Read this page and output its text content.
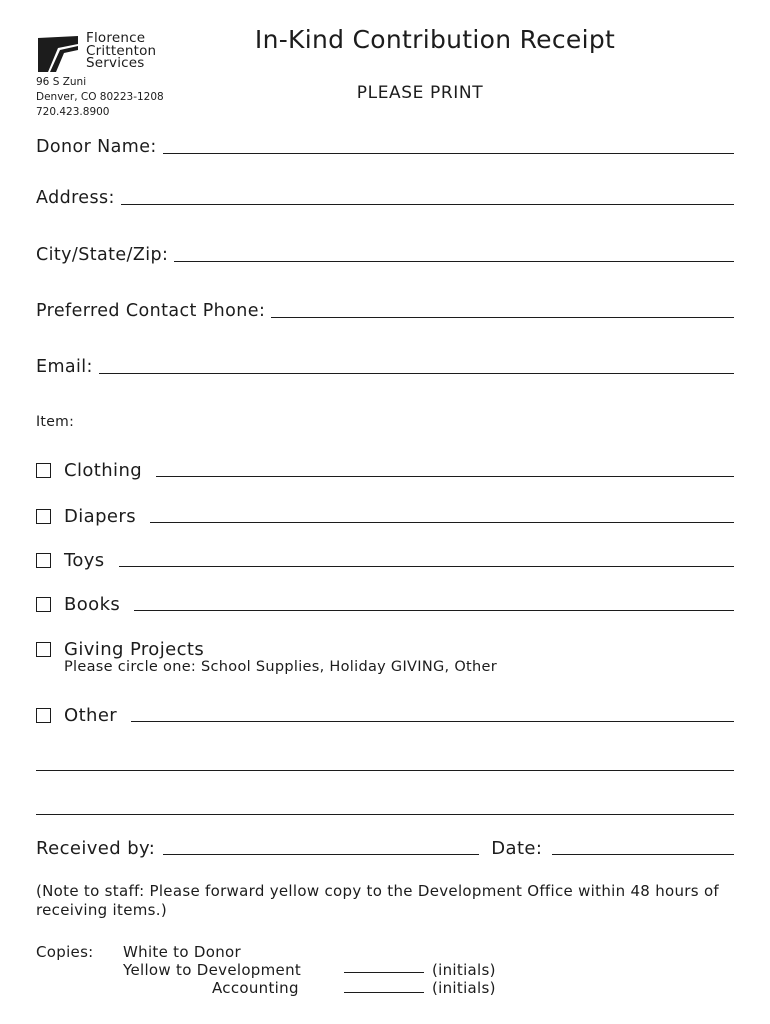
Florence
Crittenton
Services
96 S Zuni
Denver, CO 80223-1208
720.423.8900
In-Kind Contribution Receipt
PLEASE PRINT
Donor Name:
Address:
City/State/Zip:
Preferred Contact Phone:
Email:
Item:
Clothing
Diapers
Toys
Books
Giving Projects
Please circle one: School Supplies, Holiday GIVING, Other
Other
Received by:	Date:
(Note to staff: Please forward yellow copy to the Development Office within 48 hours of receiving items.)
Copies: White to Donor
Yellow to Development
Accounting
(initials)
(initials)
